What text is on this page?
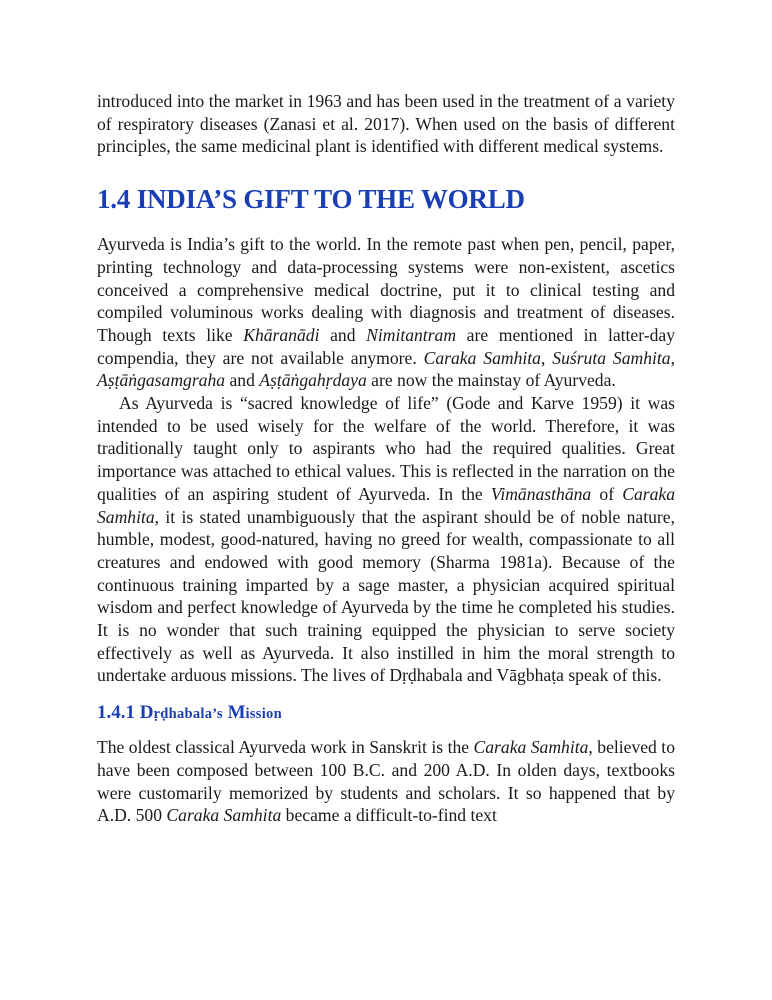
introduced into the market in 1963 and has been used in the treatment of a variety of respiratory diseases (Zanasi et al. 2017). When used on the basis of different principles, the same medicinal plant is identified with different medical systems.

1.4 INDIA’S GIFT TO THE WORLD

Ayurveda is India’s gift to the world. In the remote past when pen, pencil, paper, printing technology and data-processing systems were non-existent, ascetics conceived a comprehensive medical doctrine, put it to clinical testing and compiled voluminous works dealing with diagnosis and treatment of diseases. Though texts like Khāranādi and Nimitantram are mentioned in latter-day compendia, they are not available anymore. Caraka Samhita, Suśruta Samhita, Aṣṭāṅgasamgraha and Aṣṭāṅgahṛdaya are now the mainstay of Ayurveda.

As Ayurveda is “sacred knowledge of life” (Gode and Karve 1959) it was intended to be used wisely for the welfare of the world. Therefore, it was traditionally taught only to aspirants who had the required qualities. Great importance was attached to ethical values. This is reflected in the narration on the qualities of an aspiring student of Ayurveda. In the Vimānasthāna of Caraka Samhita, it is stated unambiguously that the aspirant should be of noble nature, humble, modest, good-natured, having no greed for wealth, compassionate to all creatures and endowed with good memory (Sharma 1981a). Because of the continuous training imparted by a sage master, a physician acquired spiritual wisdom and perfect knowledge of Ayurveda by the time he completed his studies. It is no wonder that such training equipped the physician to serve society effectively as well as Ayurveda. It also instilled in him the moral strength to undertake arduous missions. The lives of Dṛḍhabala and Vāgbhaṭa speak of this.

1.4.1 Dṛḍhabala’s Mission

The oldest classical Ayurveda work in Sanskrit is the Caraka Samhita, believed to have been composed between 100 B.C. and 200 A.D. In olden days, textbooks were customarily memorized by students and scholars. It so happened that by A.D. 500 Caraka Samhita became a difficult-to-find text
